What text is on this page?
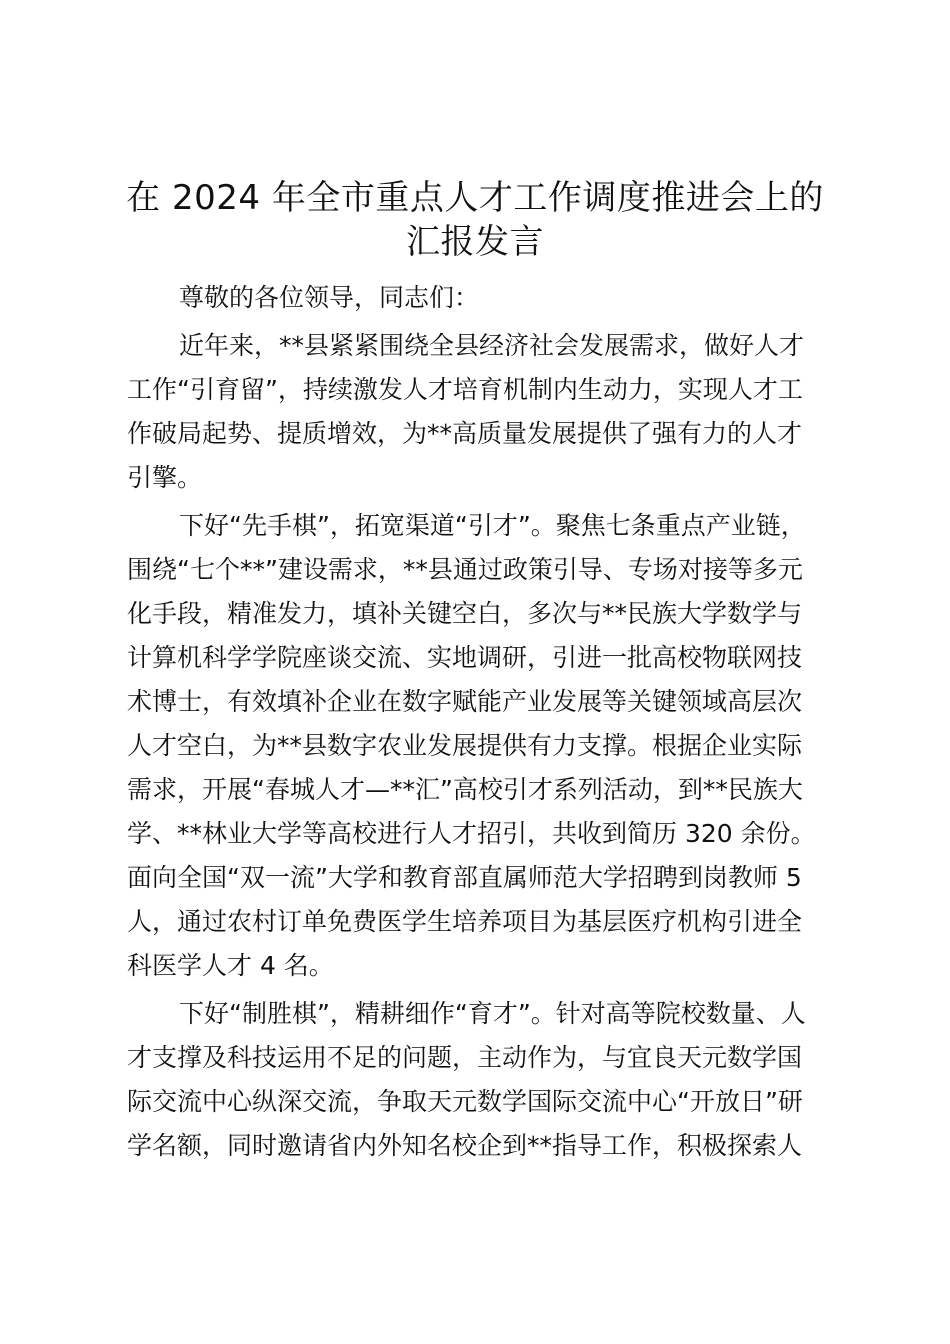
在 2024 年全市重点人才工作调度推进会上的
汇报发言
尊敬的各位领导，同志们：
近年来，**县紧紧围绕全县经济社会发展需求，做好人才
工作“引育留”，持续激发人才培育机制内生动力，实现人才工
作破局起势、提质增效，为**高质量发展提供了强有力的人才
引擎。
下好“先手棋”，拓宽渠道“引才”。聚焦七条重点产业链，
围绕“七个**”建设需求，**县通过政策引导、专场对接等多元
化手段，精准发力，填补关键空白，多次与**民族大学数学与
计算机科学学院座谈交流、实地调研，引进一批高校物联网技
术博士，有效填补企业在数字赋能产业发展等关键领域高层次
人才空白，为**县数字农业发展提供有力支撑。根据企业实际
需求，开展“春城人才—**汇”高校引才系列活动，到**民族大
学、**林业大学等高校进行人才招引，共收到简历 320 余份。
面向全国“双一流”大学和教育部直属师范大学招聘到岗教师 5
人，通过农村订单免费医学生培养项目为基层医疗机构引进全
科医学人才 4 名。
下好“制胜棋”，精耕细作“育才”。针对高等院校数量、人
才支撑及科技运用不足的问题，主动作为，与宜良天元数学国
际交流中心纵深交流，争取天元数学国际交流中心“开放日”研
学名额，同时邀请省内外知名校企到**指导工作，积极探索人
